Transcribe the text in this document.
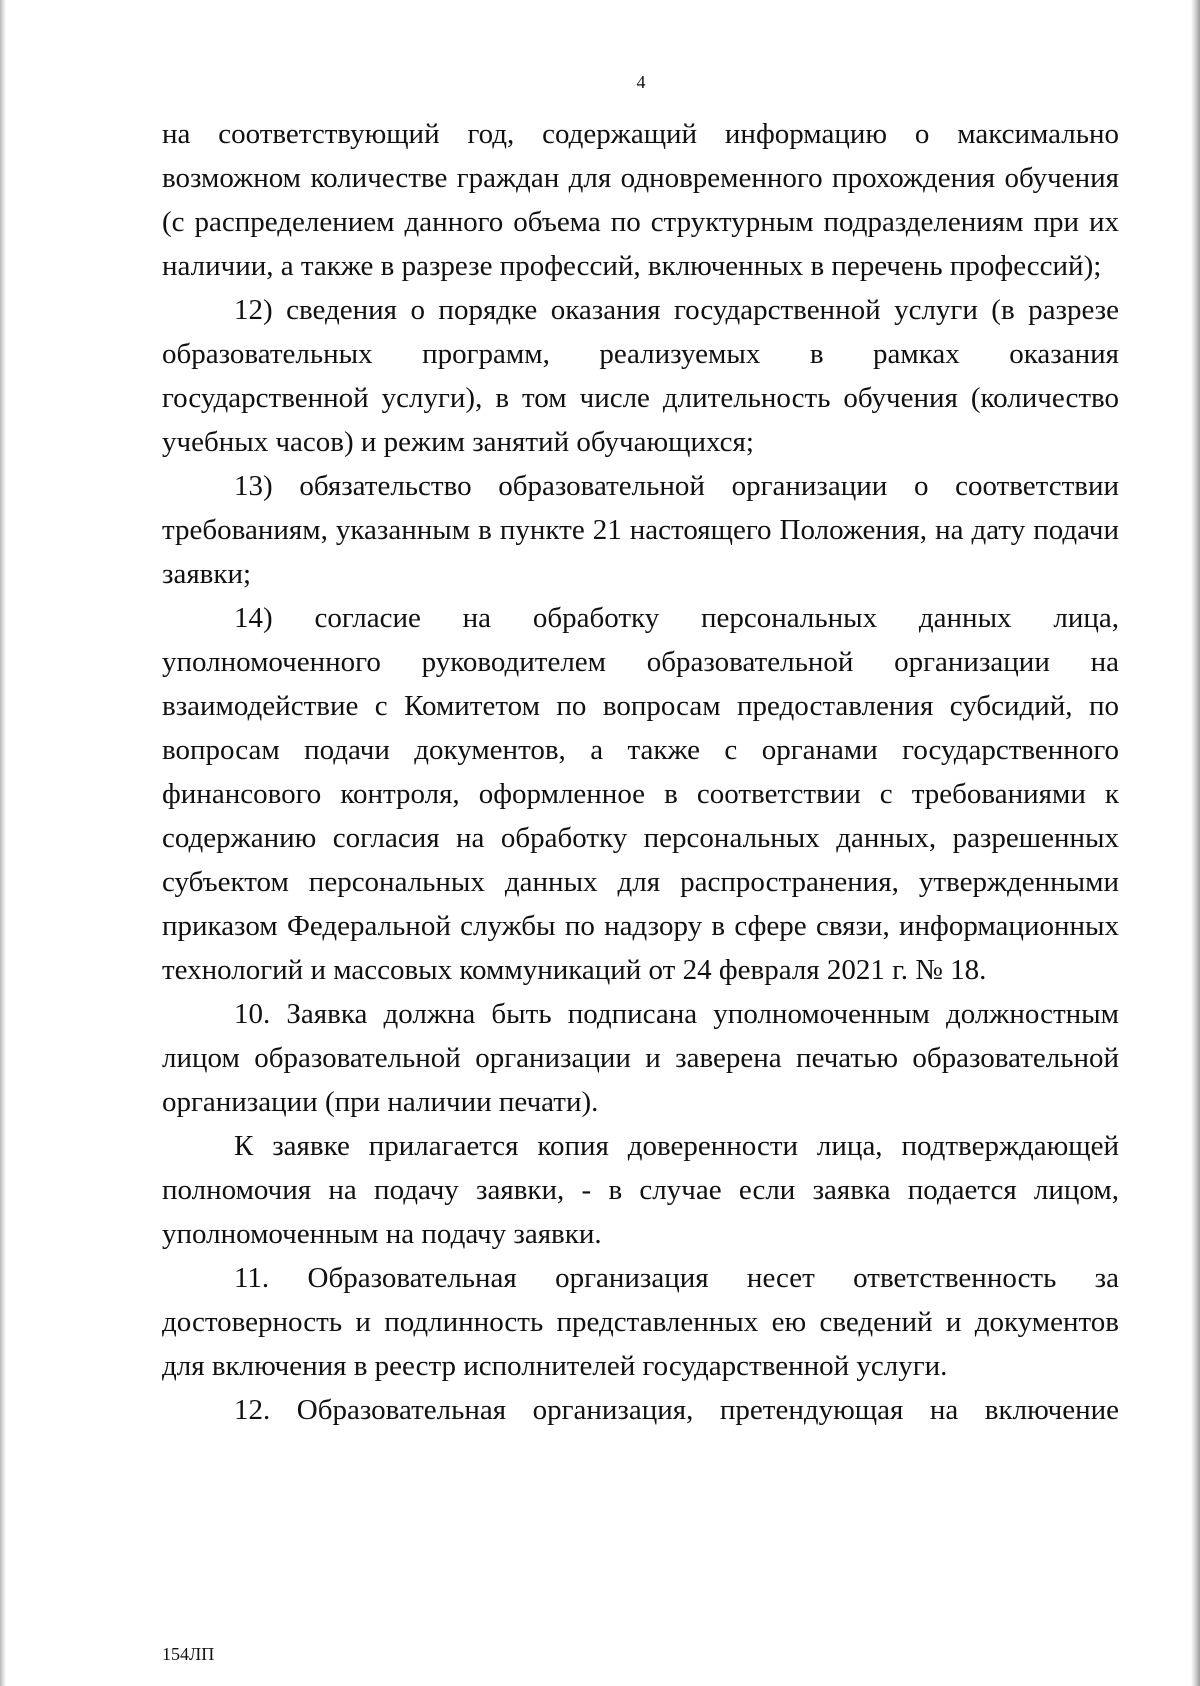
4

на соответствующий год, содержащий информацию о максимально возможном количестве граждан для одновременного прохождения обучения (с распределением данного объема по структурным подразделениям при их наличии, а также в разрезе профессий, включенных в перечень профессий);

12) сведения о порядке оказания государственной услуги (в разрезе образовательных программ, реализуемых в рамках оказания государственной услуги), в том числе длительность обучения (количество учебных часов) и режим занятий обучающихся;

13) обязательство образовательной организации о соответствии требованиям, указанным в пункте 21 настоящего Положения, на дату подачи заявки;

14) согласие на обработку персональных данных лица, уполномоченного руководителем образовательной организации на взаимодействие с Комитетом по вопросам предоставления субсидий, по вопросам подачи документов, а также с органами государственного финансового контроля, оформленное в соответствии с требованиями к содержанию согласия на обработку персональных данных, разрешенных субъектом персональных данных для распространения, утвержденными приказом Федеральной службы по надзору в сфере связи, информационных технологий и массовых коммуникаций от 24 февраля 2021 г. № 18.

10. Заявка должна быть подписана уполномоченным должностным лицом образовательной организации и заверена печатью образовательной организации (при наличии печати).

К заявке прилагается копия доверенности лица, подтверждающей полномочия на подачу заявки, - в случае если заявка подается лицом, уполномоченным на подачу заявки.

11. Образовательная организация несет ответственность за достоверность и подлинность представленных ею сведений и документов для включения в реестр исполнителей государственной услуги.

12. Образовательная организация, претендующая на включение

154ЛП
